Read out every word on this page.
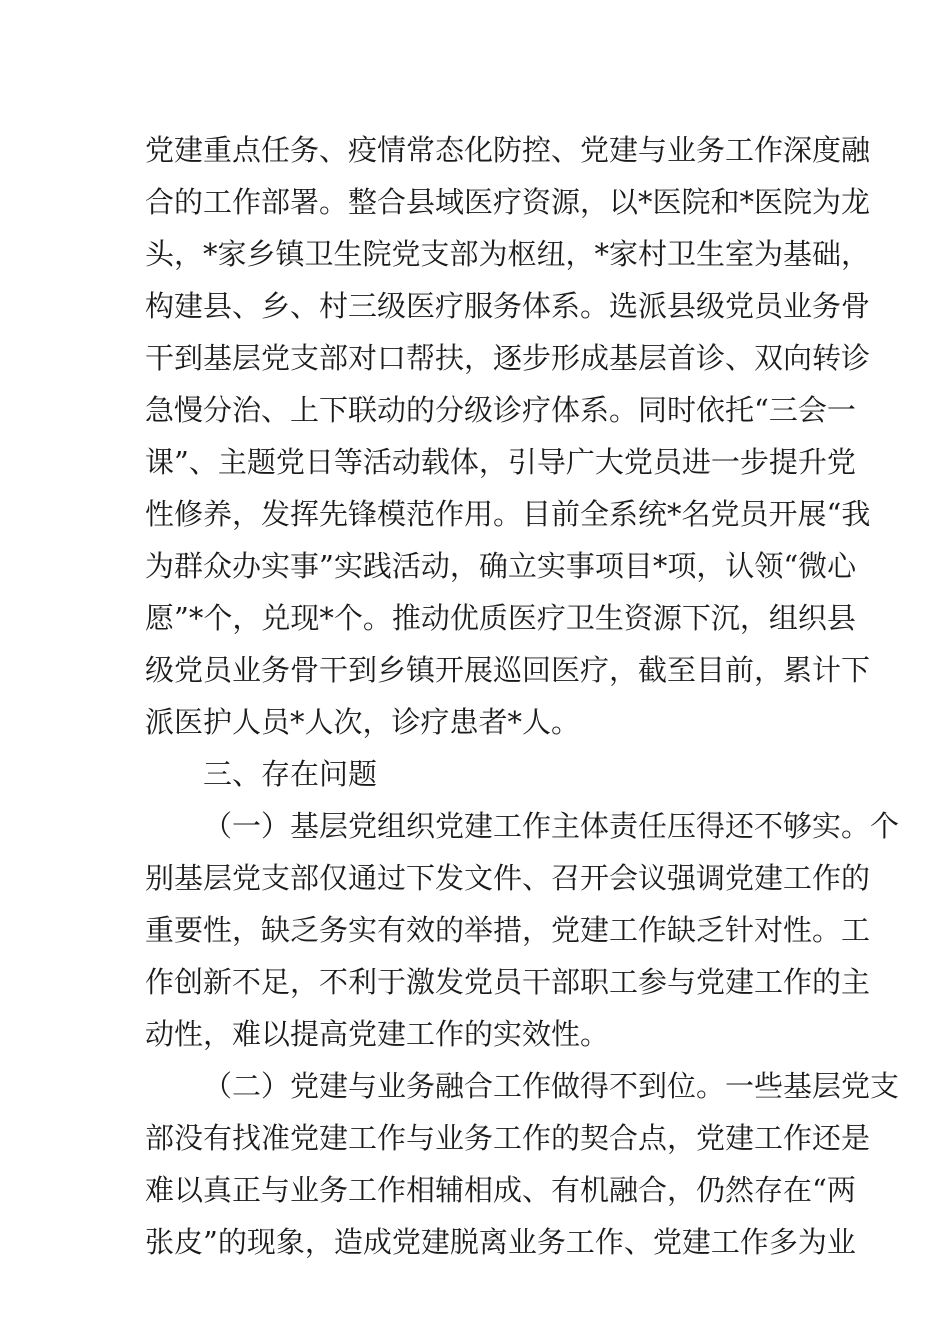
党建重点任务、疫情常态化防控、党建与业务工作深度融
合的工作部署。整合县域医疗资源，以*医院和*医院为龙
头，*家乡镇卫生院党支部为枢纽，*家村卫生室为基础，
构建县、乡、村三级医疗服务体系。选派县级党员业务骨
干到基层党支部对口帮扶，逐步形成基层首诊、双向转诊
急慢分治、上下联动的分级诊疗体系。同时依托“三会一
课”、主题党日等活动载体，引导广大党员进一步提升党
性修养，发挥先锋模范作用。目前全系统*名党员开展“我
为群众办实事”实践活动，确立实事项目*项，认领“微心
愿”*个，兑现*个。推动优质医疗卫生资源下沉，组织县
级党员业务骨干到乡镇开展巡回医疗，截至目前，累计下
派医护人员*人次，诊疗患者*人。
三、存在问题
（一）基层党组织党建工作主体责任压得还不够实。个
别基层党支部仅通过下发文件、召开会议强调党建工作的
重要性，缺乏务实有效的举措，党建工作缺乏针对性。工
作创新不足，不利于激发党员干部职工参与党建工作的主
动性，难以提高党建工作的实效性。
（二）党建与业务融合工作做得不到位。一些基层党支
部没有找准党建工作与业务工作的契合点，党建工作还是
难以真正与业务工作相辅相成、有机融合，仍然存在“两
张皮”的现象，造成党建脱离业务工作、党建工作多为业
